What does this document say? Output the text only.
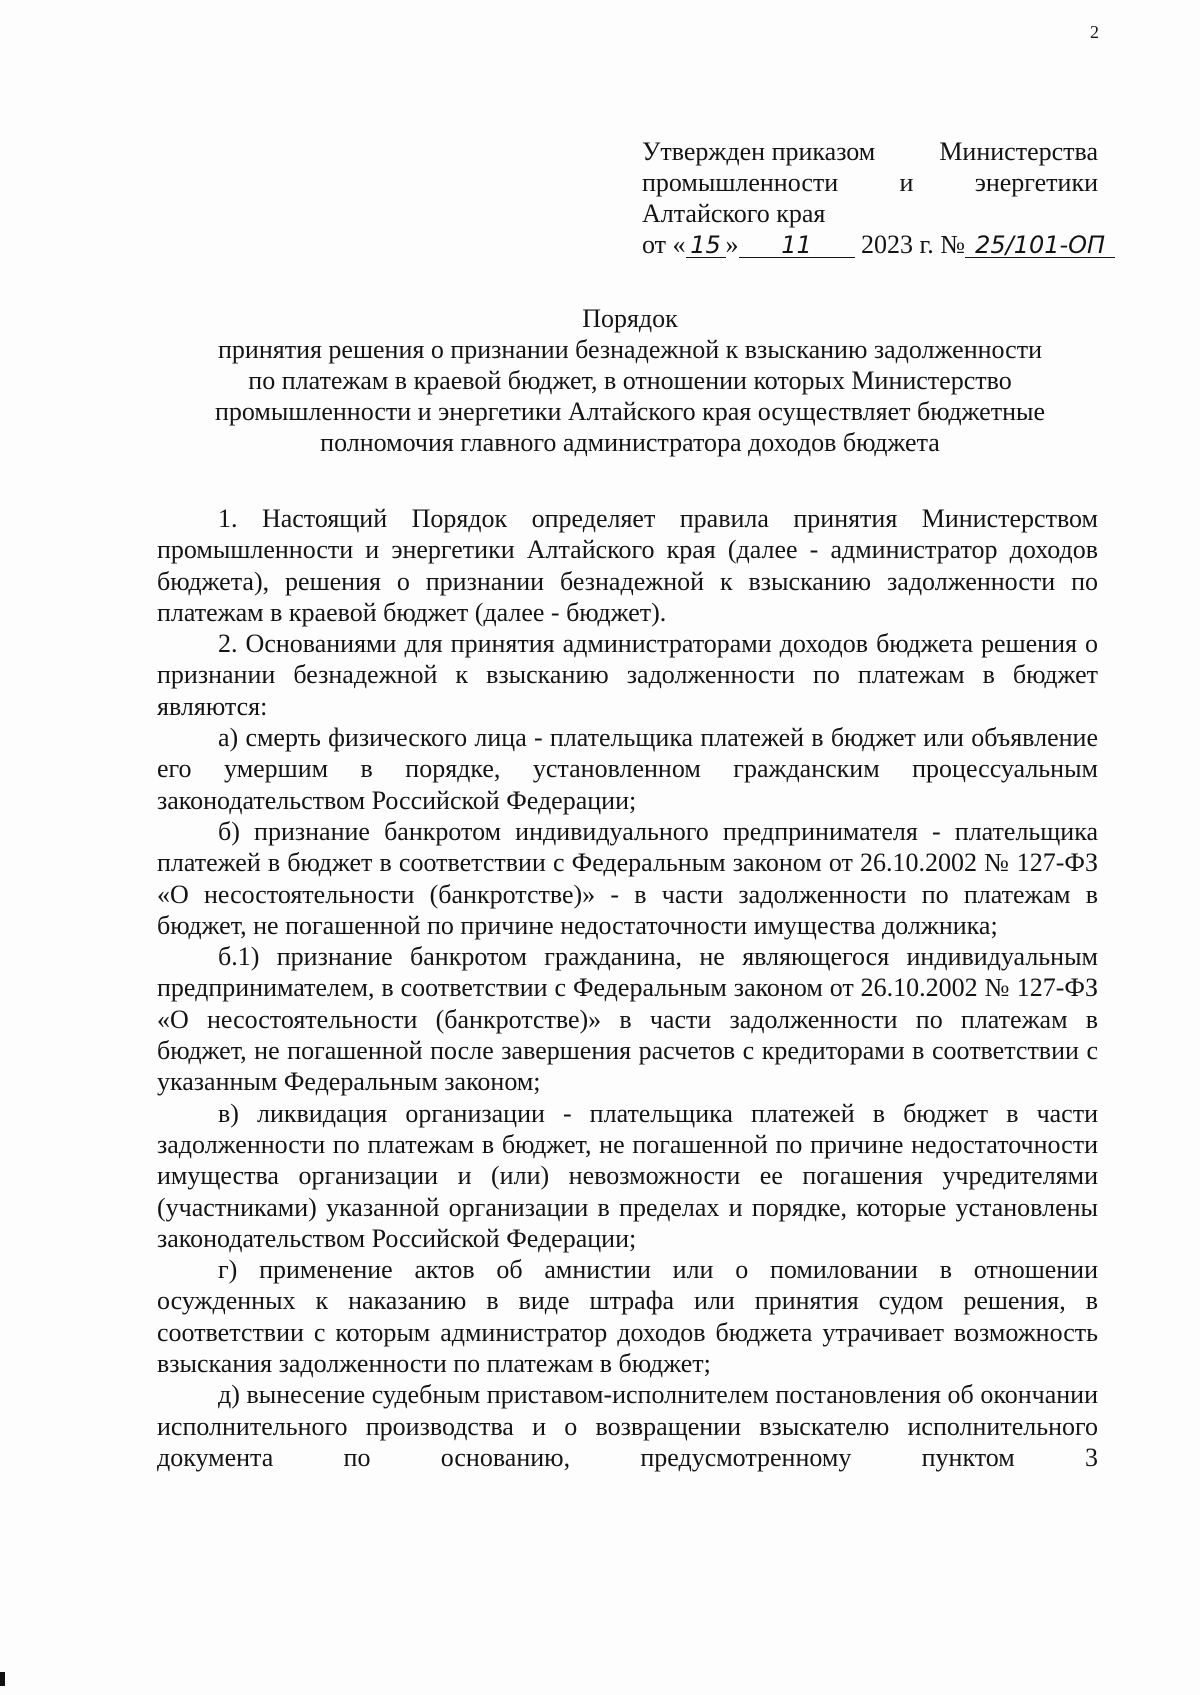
2
Утвержден приказом Министерства
промышленности и энергетики
Алтайского края
от « 15 » 11 2023 г. № 25/101-ОП
Порядок
принятия решения о признании безнадежной к взысканию задолженности
по платежам в краевой бюджет, в отношении которых Министерство
промышленности и энергетики Алтайского края осуществляет бюджетные
полномочия главного администратора доходов бюджета

1. Настоящий Порядок определяет правила принятия Министерством промышленности и энергетики Алтайского края (далее - администратор доходов бюджета), решения о признании безнадежной к взысканию задолженности по платежам в краевой бюджет (далее - бюджет).

2. Основаниями для принятия администраторами доходов бюджета решения о признании безнадежной к взысканию задолженности по платежам в бюджет являются:

а) смерть физического лица - плательщика платежей в бюджет или объявление его умершим в порядке, установленном гражданским процессуальным законодательством Российской Федерации;

б) признание банкротом индивидуального предпринимателя - плательщика платежей в бюджет в соответствии с Федеральным законом от 26.10.2002 № 127-ФЗ «О несостоятельности (банкротстве)» - в части задолженности по платежам в бюджет, не погашенной по причине недостаточности имущества должника;

б.1) признание банкротом гражданина, не являющегося индивидуальным предпринимателем, в соответствии с Федеральным законом от 26.10.2002 № 127-ФЗ «О несостоятельности (банкротстве)» в части задолженности по платежам в бюджет, не погашенной после завершения расчетов с кредиторами в соответствии с указанным Федеральным законом;

в) ликвидация организации - плательщика платежей в бюджет в части задолженности по платежам в бюджет, не погашенной по причине недостаточности имущества организации и (или) невозможности ее погашения учредителями (участниками) указанной организации в пределах и порядке, которые установлены законодательством Российской Федерации;

г) применение актов об амнистии или о помиловании в отношении осужденных к наказанию в виде штрафа или принятия судом решения, в соответствии с которым администратор доходов бюджета утрачивает возможность взыскания задолженности по платежам в бюджет;

д) вынесение судебным приставом-исполнителем постановления об окончании исполнительного производства и о возвращении взыскателю исполнительного документа по основанию, предусмотренному пунктом 3
